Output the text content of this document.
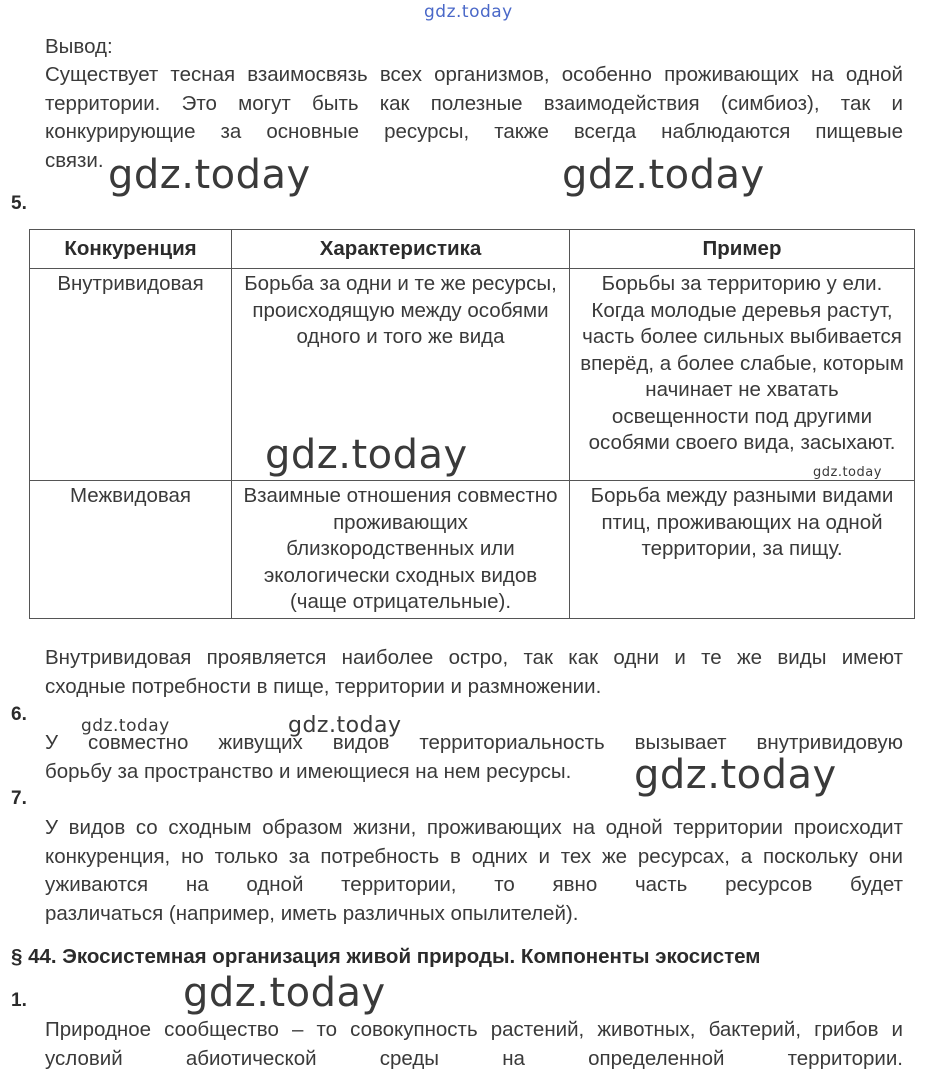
gdz.today
Вывод:
Существует тесная взаимосвязь всех организмов, особенно проживающих на одной территории. Это могут быть как полезные взаимодействия (симбиоз), так и конкурирующие за основные ресурсы, также всегда наблюдаются пищевые
связи. gdz.today	gdz.today
5.
Конкуренция	Характеристика	Пример
Внутривидовая	Борьба за одни и те же ресурсы, происходящую между особями одного и того же вида	Борьбы за территорию у ели. Когда молодые деревья растут, часть более сильных выбивается вперёд, а более слабые, которым начинает не хватать освещенности под другими особями своего вида, засыхают.
Межвидовая	Взаимные отношения совместно проживающих близкородственных или экологически сходных видов (чаще отрицательные).	Борьба между разными видами птиц, проживающих на одной территории, за пищу.
gdz.today	gdz.today
Внутривидовая проявляется наиболее остро, так как одни и те же виды имеют
сходные потребности в пище, территории и размножении.
6.
gdz.today	gdz.today
У совместно живущих видов территориальность вызывает внутривидовую
борьбу за пространство и имеющиеся на нем ресурсы.	gdz.today
7.
У видов со сходным образом жизни, проживающих на одной территории происходит конкуренция, но только за потребность в одних и тех же ресурсах, а поскольку они уживаются на одной территории, то явно часть ресурсов будет
различаться (например, иметь различных опылителей).
§ 44. Экосистемная организация живой природы. Компоненты экосистем
1.	gdz.today
Природное сообщество – то совокупность растений, животных, бактерий, грибов и условий абиотической среды на определенной территории.
